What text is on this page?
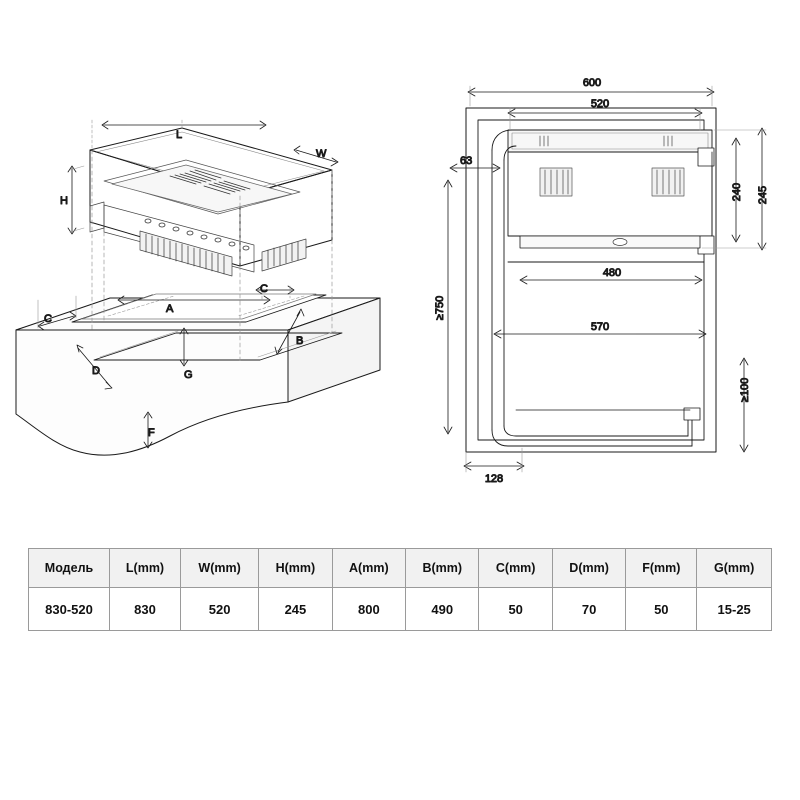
H
L
W
A
B
C
C
D
F
G
600
520
63
245
240
≥750
480
570
≥100
128
Модель	L(mm)	W(mm)	H(mm)	A(mm)	B(mm)	C(mm)	D(mm)	F(mm)	G(mm)
830-520	830	520	245	800	490	50	70	50	15-25
